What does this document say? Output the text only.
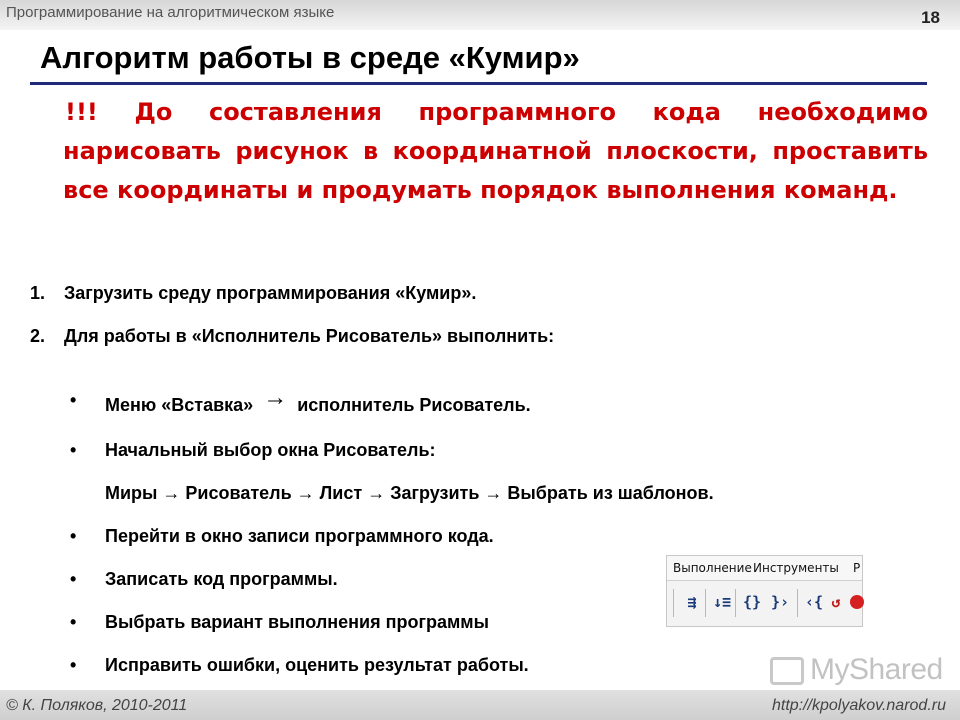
Программирование на алгоритмическом языке	18
Алгоритм работы в среде «Кумир»
!!! До составления программного кода необходимо нарисовать рисунок в координатной плоскости, проставить все координаты и продумать порядок выполнения команд.
1. Загрузить среду программирования «Кумир».
2. Для работы в «Исполнитель Рисователь» выполнить:
• Меню «Вставка» → исполнитель Рисователь.
• Начальный выбор окна Рисователь:
Миры → Рисователь → Лист → Загрузить → Выбрать из шаблонов.
• Перейти в окно записи программного кода.
• Записать код программы.
• Выбрать вариант выполнения программы
• Исправить ошибки, оценить результат работы.
Выполнение Инструменты Р
⇶	↓≡ {} }› ‹{ ↺
MyShared
© К. Поляков, 2010-2011	http://kpolyakov.narod.ru
